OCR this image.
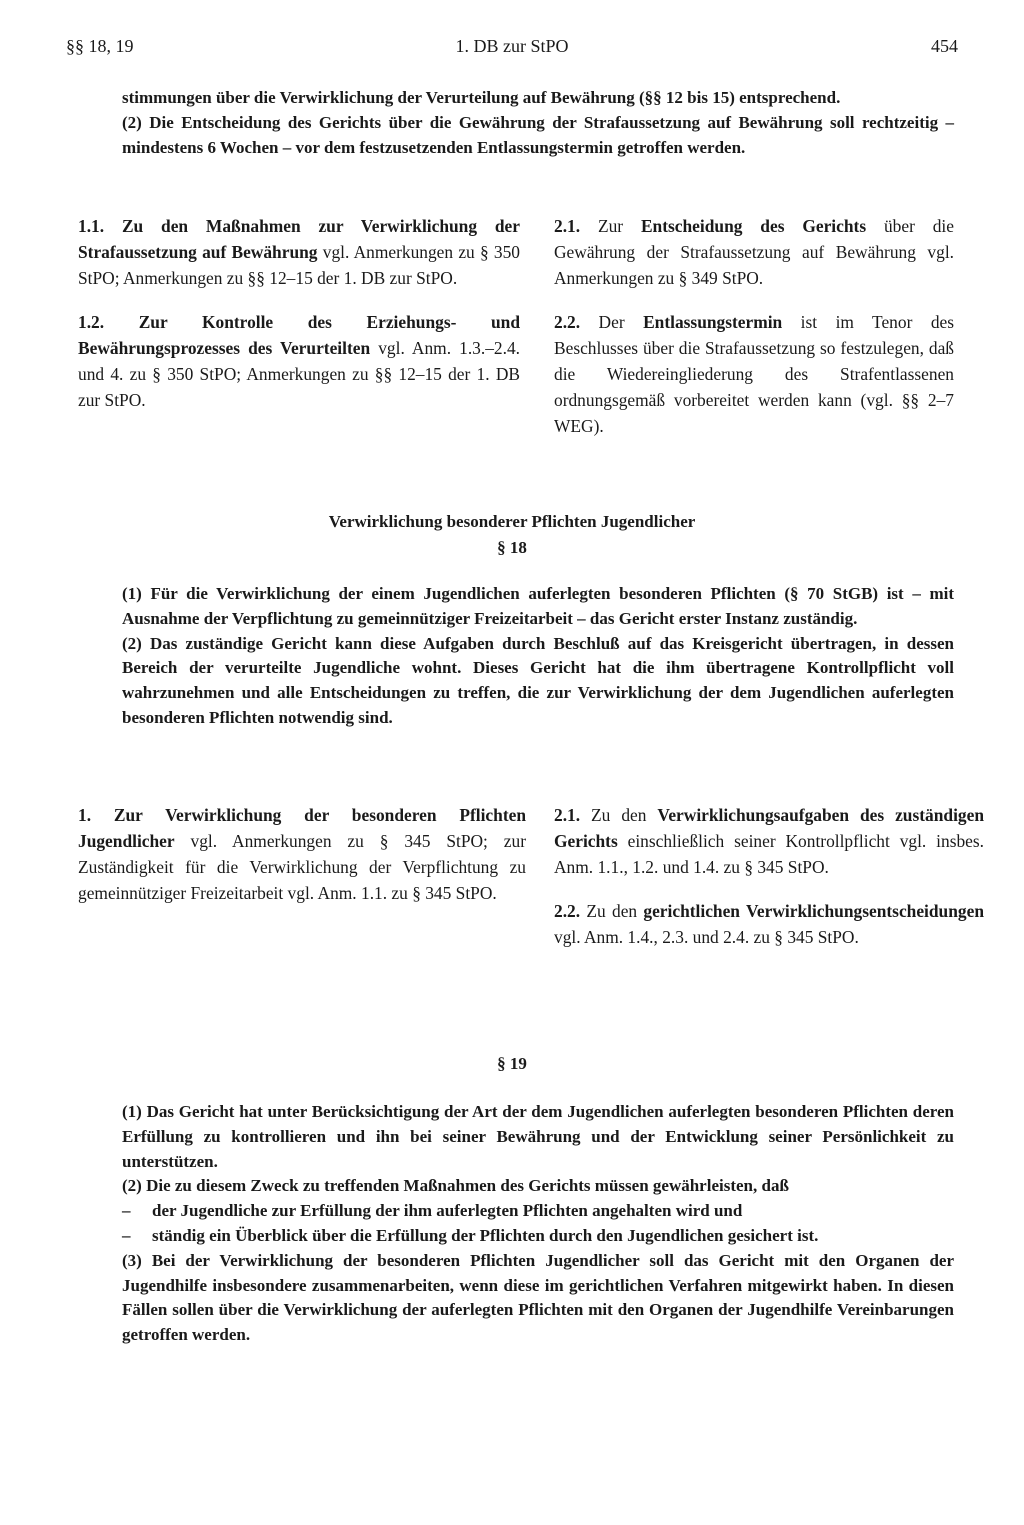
§§ 18, 19	1. DB zur StPO	454

stimmungen über die Verwirklichung der Verurteilung auf Bewährung (§§ 12 bis 15) entsprechend.

(2) Die Entscheidung des Gerichts über die Gewährung der Strafaussetzung auf Bewährung soll rechtzeitig – mindestens 6 Wochen – vor dem festzusetzenden Entlassungstermin getroffen werden.

1.1. Zu den Maßnahmen zur Verwirklichung der Strafaussetzung auf Bewährung vgl. Anmerkungen zu § 350 StPO; Anmerkungen zu §§ 12–15 der 1. DB zur StPO.

1.2. Zur Kontrolle des Erziehungs- und Bewährungsprozesses des Verurteilten vgl. Anm. 1.3.–2.4. und 4. zu § 350 StPO; Anmerkungen zu §§ 12–15 der 1. DB zur StPO.

2.1. Zur Entscheidung des Gerichts über die Gewährung der Strafaussetzung auf Bewährung vgl. Anmerkungen zu § 349 StPO.

2.2. Der Entlassungstermin ist im Tenor des Beschlusses über die Strafaussetzung so festzulegen, daß die Wiedereingliederung des Strafentlassenen ordnungsgemäß vorbereitet werden kann (vgl. §§ 2–7 WEG).

Verwirklichung besonderer Pflichten Jugendlicher
§ 18

(1) Für die Verwirklichung der einem Jugendlichen auferlegten besonderen Pflichten (§ 70 StGB) ist – mit Ausnahme der Verpflichtung zu gemeinnütziger Freizeitarbeit – das Gericht erster Instanz zuständig.

(2) Das zuständige Gericht kann diese Aufgaben durch Beschluß auf das Kreisgericht übertragen, in dessen Bereich der verurteilte Jugendliche wohnt. Dieses Gericht hat die ihm übertragene Kontrollpflicht voll wahrzunehmen und alle Entscheidungen zu treffen, die zur Verwirklichung der dem Jugendlichen auferlegten besonderen Pflichten notwendig sind.

1. Zur Verwirklichung der besonderen Pflichten Jugendlicher vgl. Anmerkungen zu § 345 StPO; zur Zuständigkeit für die Verwirklichung der Verpflichtung zu gemeinnütziger Freizeitarbeit vgl. Anm. 1.1. zu § 345 StPO.

2.1. Zu den Verwirklichungsaufgaben des zuständigen Gerichts einschließlich seiner Kontrollpflicht vgl. insbes. Anm. 1.1., 1.2. und 1.4. zu § 345 StPO.

2.2. Zu den gerichtlichen Verwirklichungsentscheidungen vgl. Anm. 1.4., 2.3. und 2.4. zu § 345 StPO.

§ 19

(1) Das Gericht hat unter Berücksichtigung der Art der dem Jugendlichen auferlegten besonderen Pflichten deren Erfüllung zu kontrollieren und ihn bei seiner Bewährung und der Entwicklung seiner Persönlichkeit zu unterstützen.

(2) Die zu diesem Zweck zu treffenden Maßnahmen des Gerichts müssen gewährleisten, daß

– der Jugendliche zur Erfüllung der ihm auferlegten Pflichten angehalten wird und

– ständig ein Überblick über die Erfüllung der Pflichten durch den Jugendlichen gesichert ist.

(3) Bei der Verwirklichung der besonderen Pflichten Jugendlicher soll das Gericht mit den Organen der Jugendhilfe insbesondere zusammenarbeiten, wenn diese im gerichtlichen Verfahren mitgewirkt haben. In diesen Fällen sollen über die Verwirklichung der auferlegten Pflichten mit den Organen der Jugendhilfe Vereinbarungen getroffen werden.
